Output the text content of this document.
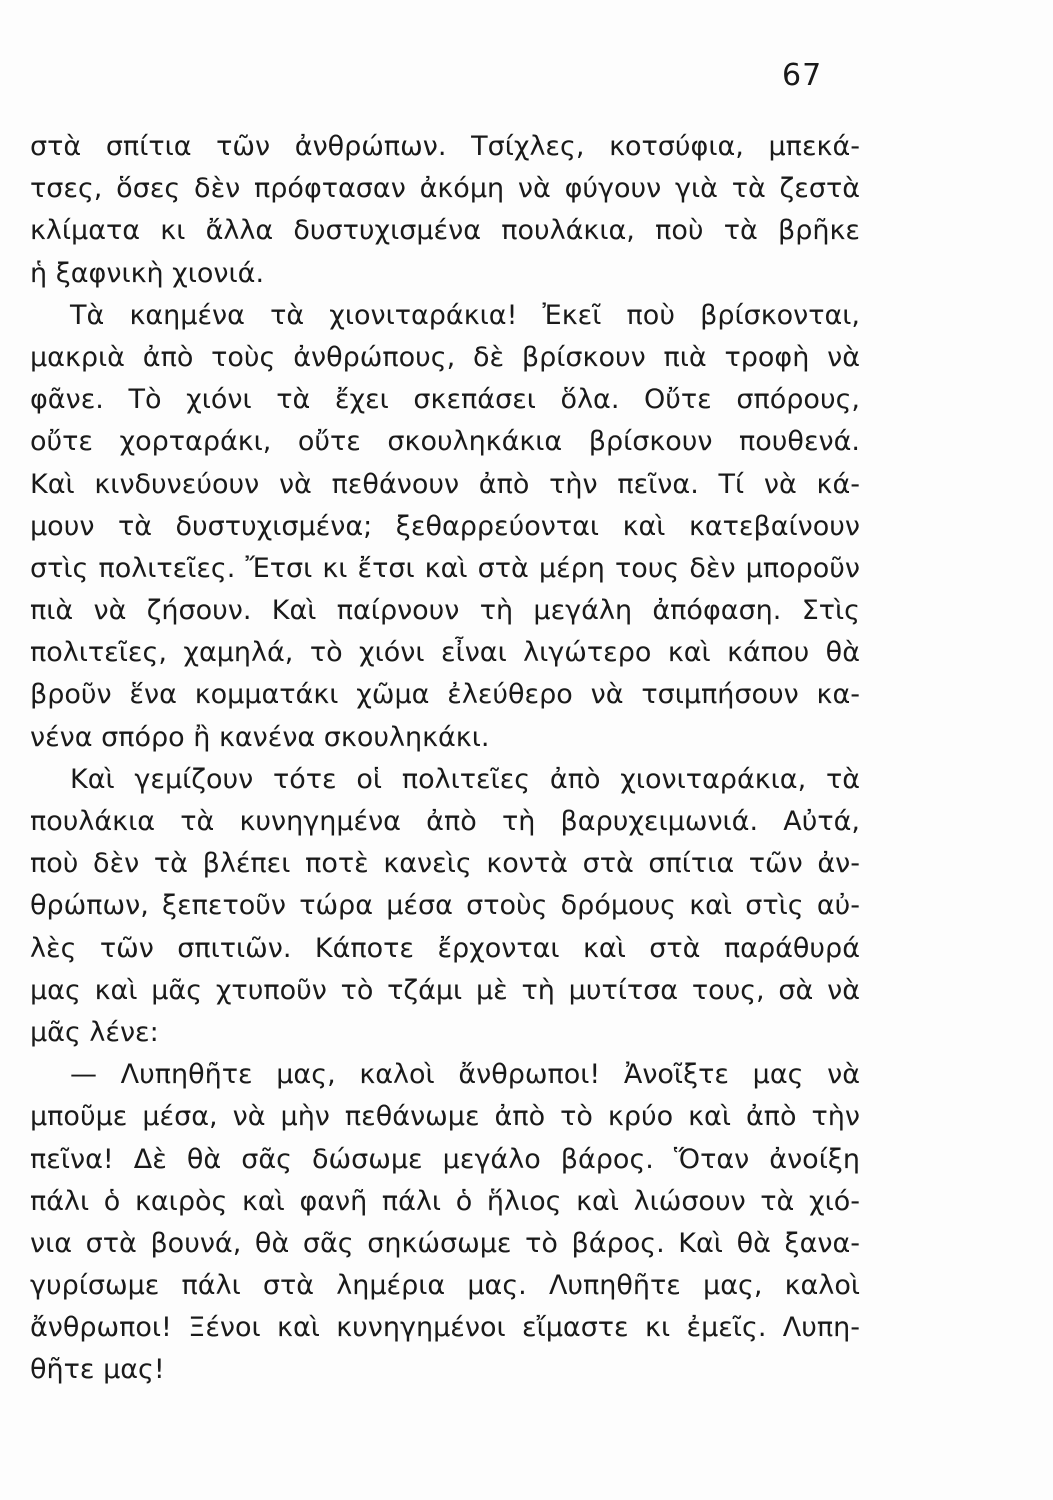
67
στὰ σπίτια τῶν ἀνθρώπων. Τσίχλες, κοτσύφια, μπεκά-
τσες, ὅσες δὲν πρόφτασαν ἀκόμη νὰ φύγουν γιὰ τὰ ζεστὰ
κλίματα κι ἄλλα δυστυχισμένα πουλάκια, ποὺ τὰ βρῆκε
ἡ ξαφνικὴ χιονιά.
Τὰ καημένα τὰ χιονιταράκια! Ἐκεῖ ποὺ βρίσκονται,
μακριὰ ἀπὸ τοὺς ἀνθρώπους, δὲ βρίσκουν πιὰ τροφὴ νὰ
φᾶνε. Τὸ χιόνι τὰ ἔχει σκεπάσει ὅλα. Οὔτε σπόρους,
οὔτε χορταράκι, οὔτε σκουληκάκια βρίσκουν πουθενά.
Καὶ κινδυνεύουν νὰ πεθάνουν ἀπὸ τὴν πεῖνα. Τί νὰ κά-
μουν τὰ δυστυχισμένα; ξεθαρρεύονται καὶ κατεβαίνουν
στὶς πολιτεῖες. Ἔτσι κι ἔτσι καὶ στὰ μέρη τους δὲν μποροῦν
πιὰ νὰ ζήσουν. Καὶ παίρνουν τὴ μεγάλη ἀπόφαση. Στὶς
πολιτεῖες, χαμηλά, τὸ χιόνι εἶναι λιγώτερο καὶ κάπου θὰ
βροῦν ἕνα κομματάκι χῶμα ἐλεύθερο νὰ τσιμπήσουν κα-
νένα σπόρο ἢ κανένα σκουληκάκι.
Καὶ γεμίζουν τότε οἱ πολιτεῖες ἀπὸ χιονιταράκια, τὰ
πουλάκια τὰ κυνηγημένα ἀπὸ τὴ βαρυχειμωνιά. Αὐτά,
ποὺ δὲν τὰ βλέπει ποτὲ κανεὶς κοντὰ στὰ σπίτια τῶν ἀν-
θρώπων, ξεπετοῦν τώρα μέσα στοὺς δρόμους καὶ στὶς αὐ-
λὲς τῶν σπιτιῶν. Κάποτε ἔρχονται καὶ στὰ παράθυρά
μας καὶ μᾶς χτυποῦν τὸ τζάμι μὲ τὴ μυτίτσα τους, σὰ νὰ
μᾶς λένε:
— Λυπηθῆτε μας, καλοὶ ἄνθρωποι! Ἀνοῖξτε μας νὰ
μποῦμε μέσα, νὰ μὴν πεθάνωμε ἀπὸ τὸ κρύο καὶ ἀπὸ τὴν
πεῖνα! Δὲ θὰ σᾶς δώσωμε μεγάλο βάρος. Ὅταν ἀνοίξη
πάλι ὁ καιρὸς καὶ φανῆ πάλι ὁ ἥλιος καὶ λιώσουν τὰ χιό-
νια στὰ βουνά, θὰ σᾶς σηκώσωμε τὸ βάρος. Καὶ θὰ ξανα-
γυρίσωμε πάλι στὰ λημέρια μας. Λυπηθῆτε μας, καλοὶ
ἄνθρωποι! Ξένοι καὶ κυνηγημένοι εἴμαστε κι ἐμεῖς. Λυπη-
θῆτε μας!
